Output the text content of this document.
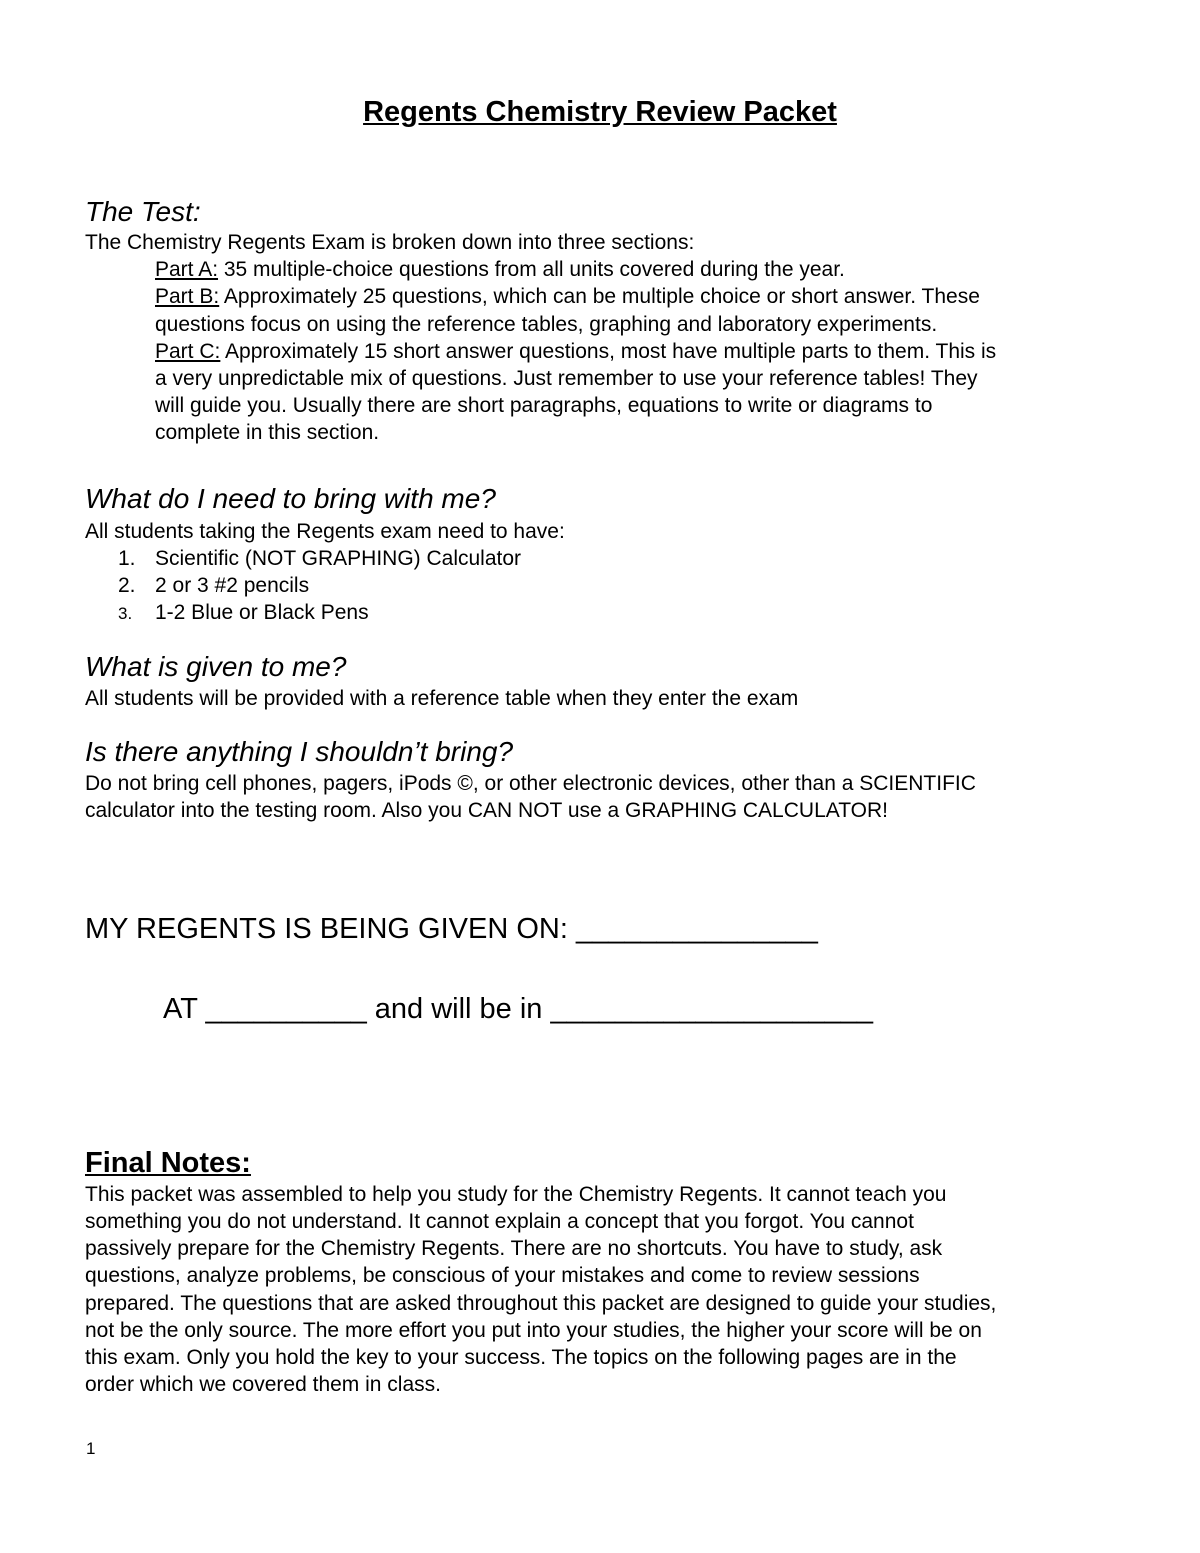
Regents Chemistry Review Packet
The Test:
The Chemistry Regents Exam is broken down into three sections:
Part A: 35 multiple-choice questions from all units covered during the year.
Part B: Approximately 25 questions, which can be multiple choice or short answer. These
questions focus on using the reference tables, graphing and laboratory experiments.
Part C: Approximately 15 short answer questions, most have multiple parts to them. This is
a very unpredictable mix of questions. Just remember to use your reference tables! They
will guide you. Usually there are short paragraphs, equations to write or diagrams to
complete in this section.
What do I need to bring with me?
All students taking the Regents exam need to have:
1. Scientific (NOT GRAPHING) Calculator
2. 2 or 3 #2 pencils
3. 1-2 Blue or Black Pens
What is given to me?
All students will be provided with a reference table when they enter the exam
Is there anything I shouldn’t bring?
Do not bring cell phones, pagers, iPods ©, or other electronic devices, other than a SCIENTIFIC
calculator into the testing room. Also you CAN NOT use a GRAPHING CALCULATOR!
MY REGENTS IS BEING GIVEN ON: _______________
AT __________ and will be in ____________________
Final Notes:
This packet was assembled to help you study for the Chemistry Regents. It cannot teach you
something you do not understand. It cannot explain a concept that you forgot. You cannot
passively prepare for the Chemistry Regents. There are no shortcuts. You have to study, ask
questions, analyze problems, be conscious of your mistakes and come to review sessions
prepared. The questions that are asked throughout this packet are designed to guide your studies,
not be the only source. The more effort you put into your studies, the higher your score will be on
this exam. Only you hold the key to your success. The topics on the following pages are in the
order which we covered them in class.
1
